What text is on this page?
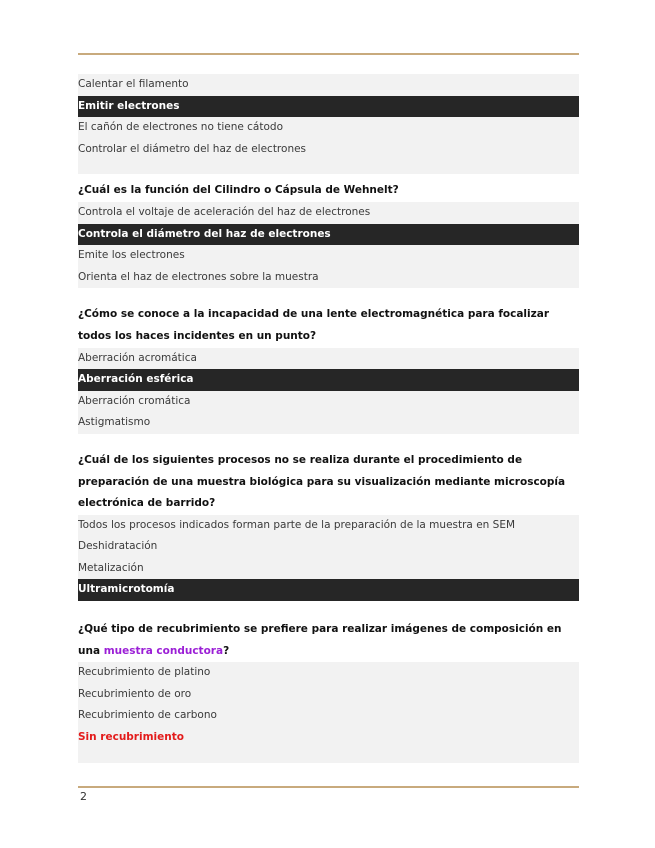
Calentar el filamento
Emitir electrones
El cañón de electrones no tiene cátodo
Controlar el diámetro del haz de electrones
¿Cuál es la función del Cilindro o Cápsula de Wehnelt?
Controla el voltaje de aceleración del haz de electrones
Controla el diámetro del haz de electrones
Emite los electrones
Orienta el haz de electrones sobre la muestra
¿Cómo se conoce a la incapacidad de una lente electromagnética para focalizar todos los haces incidentes en un punto?
Aberración acromática
Aberración esférica
Aberración cromática
Astigmatismo
¿Cuál de los siguientes procesos no se realiza durante el procedimiento de preparación de una muestra biológica para su visualización mediante microscopía electrónica de barrido?
Todos los procesos indicados forman parte de la preparación de la muestra en SEM
Deshidratación
Metalización
Ultramicrotomía
¿Qué tipo de recubrimiento se prefiere para realizar imágenes de composición en una muestra conductora?
Recubrimiento de platino
Recubrimiento de oro
Recubrimiento de carbono
Sin recubrimiento
2
